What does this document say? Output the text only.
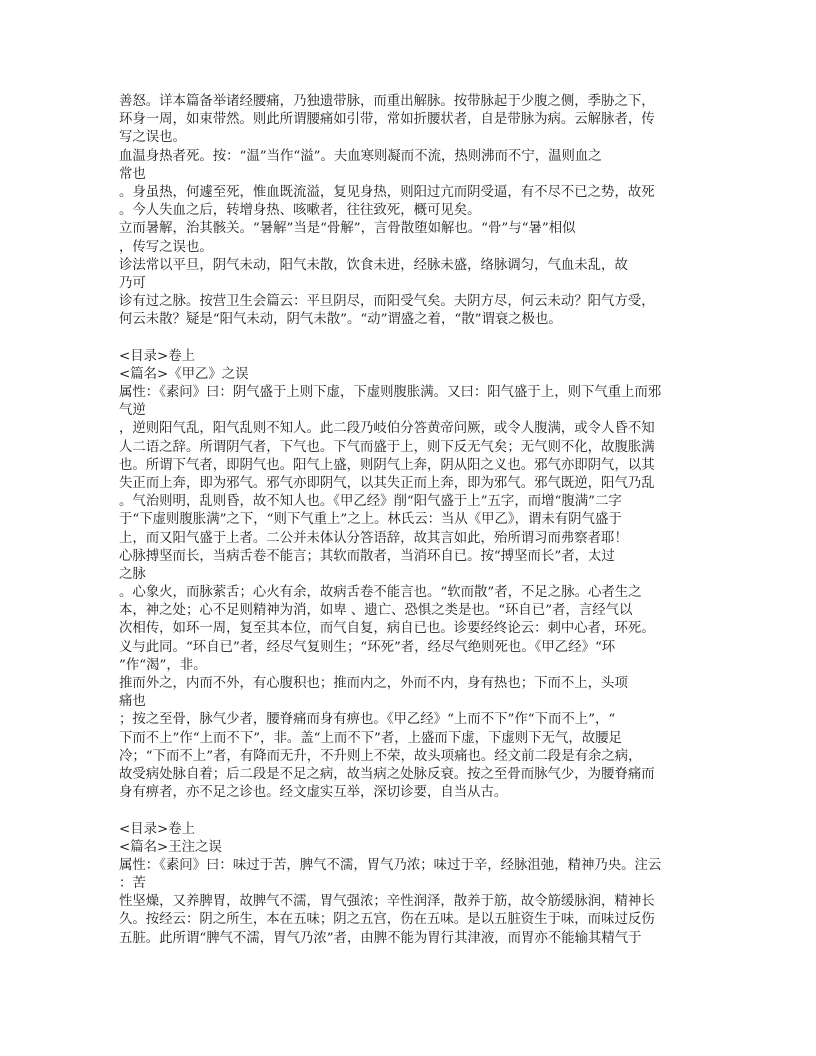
善怒。详本篇备举诸经腰痛，乃独遗带脉，而重出解脉。按带脉起于少腹之侧，季胁之下，
环身一周，如束带然。则此所谓腰痛如引带，常如折腰状者，自是带脉为病。云解脉者，传
写之误也。
血温身热者死。按：“温”当作“溢”。夫血寒则凝而不流，热则沸而不宁，温则血之
常也
。身虽热，何遽至死，惟血既流溢，复见身热，则阳过亢而阴受逼，有不尽不已之势，故死
。今人失血之后，转增身热、咳嗽者，往往致死，概可见矣。
立而暑解，治其骸关。“暑解”当是“骨解”，言骨散堕如解也。“骨”与“暑”相似
，传写之误也。
诊法常以平旦，阴气未动，阳气未散，饮食未进，经脉未盛，络脉调匀，气血未乱，故
乃可
诊有过之脉。按营卫生会篇云：平旦阴尽，而阳受气矣。夫阴方尽，何云未动？阳气方受，
何云未散？疑是“阳气未动，阴气未散”。“动”谓盛之着，“散”谓衰之极也。
<目录>卷上
<篇名>《甲乙》之误
属性：《素问》曰：阴气盛于上则下虚，下虚则腹胀满。又曰：阳气盛于上，则下气重上而邪
气逆
，逆则阳气乱，阳气乱则不知人。此二段乃岐伯分答黄帝问厥，或令人腹满，或令人昏不知
人二语之辞。所谓阴气者，下气也。下气而盛于上，则下反无气矣；无气则不化，故腹胀满
也。所谓下气者，即阴气也。阳气上盛，则阴气上奔，阴从阳之义也。邪气亦即阴气，以其
失正而上奔，即为邪气。邪气亦即阴气，以其失正而上奔，即为邪气。邪气既逆，阳气乃乱
。气治则明，乱则昏，故不知人也。《甲乙经》削“阳气盛于上”五字，而增“腹满”二字
于“下虚则腹胀满”之下，“则下气重上”之上。林氏云：当从《甲乙》，谓未有阴气盛于
上，而又阳气盛于上者。二公并未体认分答语辞，故其言如此，殆所谓习而弗察者耶！
心脉搏坚而长，当病舌卷不能言；其软而散者，当消环自已。按“搏坚而长”者，太过
之脉
。心象火，而脉萦舌；心火有余，故病舌卷不能言也。“软而散”者，不足之脉。心者生之
本，神之处；心不足则精神为消，如卑 、遗亡、恐惧之类是也。“环自已”者，言经气以
次相传，如环一周，复至其本位，而气自复，病自已也。诊要经终论云：刺中心者，环死。
义与此同。“环自已”者，经尽气复则生；“环死”者，经尽气绝则死也。《甲乙经》“环
”作“渴”，非。
推而外之，内而不外，有心腹积也；推而内之，外而不内，身有热也；下而不上，头项
痛也
；按之至骨，脉气少者，腰脊痛而身有痹也。《甲乙经》“上而不下”作“下而不上”，“
下而不上”作“上而不下”，非。盖“上而不下”者，上盛而下虚，下虚则下无气，故腰足
冷；“下而不上”者，有降而无升，不升则上不荣，故头项痛也。经文前二段是有余之病，
故受病处脉自着；后二段是不足之病，故当病之处脉反衰。按之至骨而脉气少，为腰脊痛而
身有痹者，亦不足之诊也。经文虚实互举，深切诊要，自当从古。
<目录>卷上
<篇名>王注之误
属性：《素问》曰：味过于苦，脾气不濡，胃气乃浓；味过于辛，经脉沮弛，精神乃央。注云
：苦
性坚燥，又养脾胃，故脾气不濡，胃气强浓；辛性润泽，散养于筋，故令筋缓脉润，精神长
久。按经云：阴之所生，本在五味；阴之五宫，伤在五味。是以五脏资生于味，而味过反伤
五脏。此所谓“脾气不濡，胃气乃浓”者，由脾不能为胃行其津液，而胃亦不能输其精气于
